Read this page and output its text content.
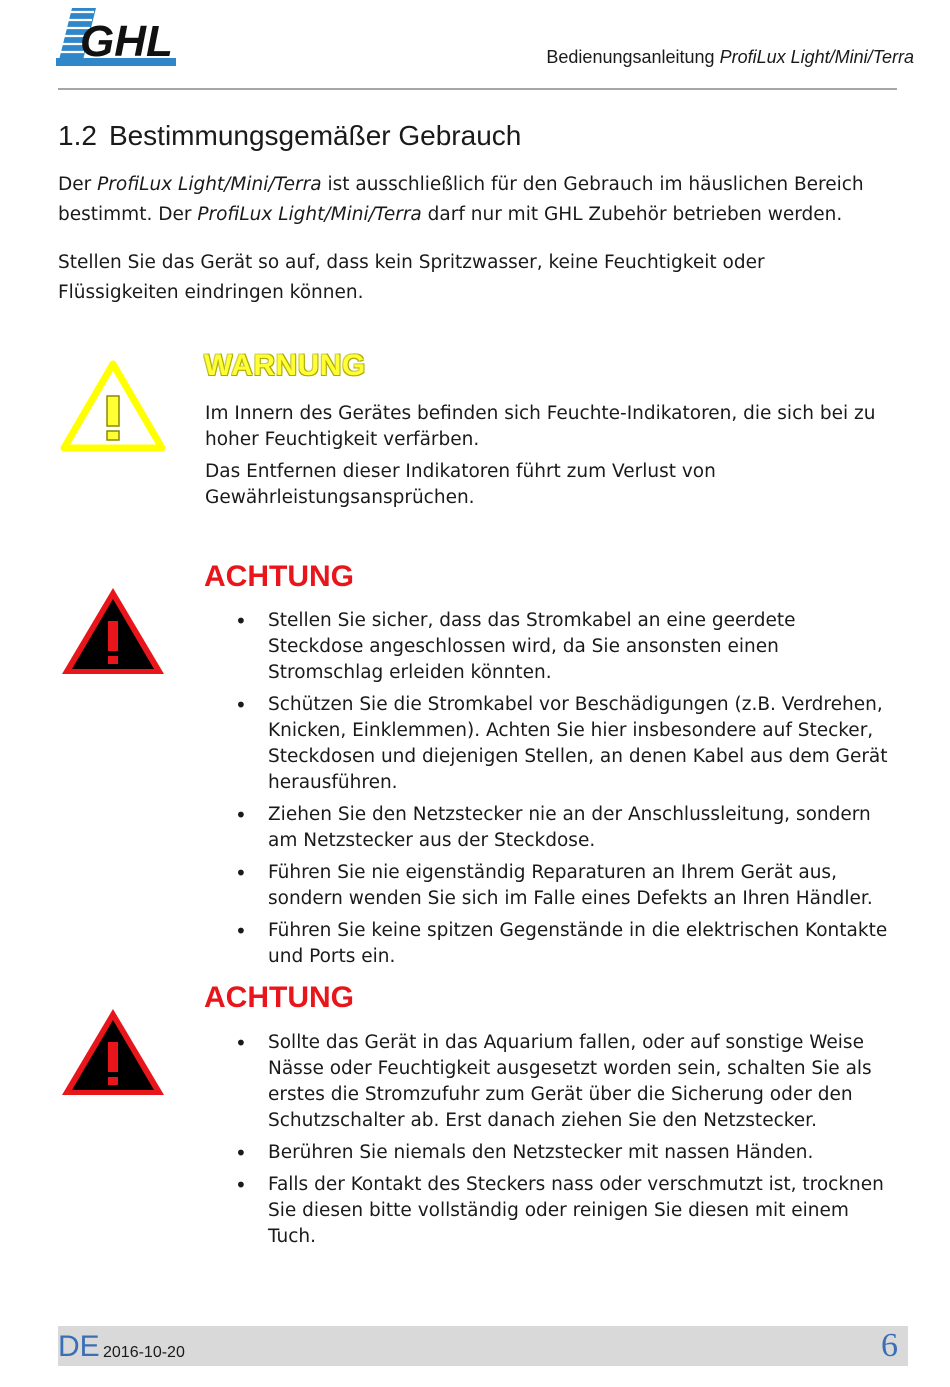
GHL	Bedienungsanleitung ProfiLux Light/Mini/Terra
1.2 Bestimmungsgemäßer Gebrauch

Der ProfiLux Light/Mini/Terra ist ausschließlich für den Gebrauch im häuslichen Bereich bestimmt. Der ProfiLux Light/Mini/Terra darf nur mit GHL Zubehör betrieben werden.

Stellen Sie das Gerät so auf, dass kein Spritzwasser, keine Feuchtigkeit oder Flüssigkeiten eindringen können.

WARNUNG

Im Innern des Gerätes befinden sich Feuchte-Indikatoren, die sich bei zu hoher Feuchtigkeit verfärben.

Das Entfernen dieser Indikatoren führt zum Verlust von Gewährleistungsansprüchen.

ACHTUNG
• Stellen Sie sicher, dass das Stromkabel an eine geerdete Steckdose angeschlossen wird, da Sie ansonsten einen Stromschlag erleiden könnten.
• Schützen Sie die Stromkabel vor Beschädigungen (z.B. Verdrehen, Knicken, Einklemmen). Achten Sie hier insbesondere auf Stecker, Steckdosen und diejenigen Stellen, an denen Kabel aus dem Gerät herausführen.
• Ziehen Sie den Netzstecker nie an der Anschlussleitung, sondern am Netzstecker aus der Steckdose.
• Führen Sie nie eigenständig Reparaturen an Ihrem Gerät aus, sondern wenden Sie sich im Falle eines Defekts an Ihren Händler.
• Führen Sie keine spitzen Gegenstände in die elektrischen Kontakte und Ports ein.
ACHTUNG
• Sollte das Gerät in das Aquarium fallen, oder auf sonstige Weise Nässe oder Feuchtigkeit ausgesetzt worden sein, schalten Sie als erstes die Stromzufuhr zum Gerät über die Sicherung oder den Schutzschalter ab. Erst danach ziehen Sie den Netzstecker.
• Berühren Sie niemals den Netzstecker mit nassen Händen.
• Falls der Kontakt des Steckers nass oder verschmutzt ist, trocknen Sie diesen bitte vollständig oder reinigen Sie diesen mit einem Tuch.
DE 2016-10-20	6
